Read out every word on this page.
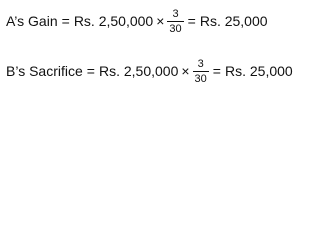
A’s Gain = Rs. $2,50,000 \times \frac{3}{30} = Rs$. 25,000
B’s Sacrifice = Rs. $2,50,000 \times \frac{3}{30} = Rs$. 25,000
